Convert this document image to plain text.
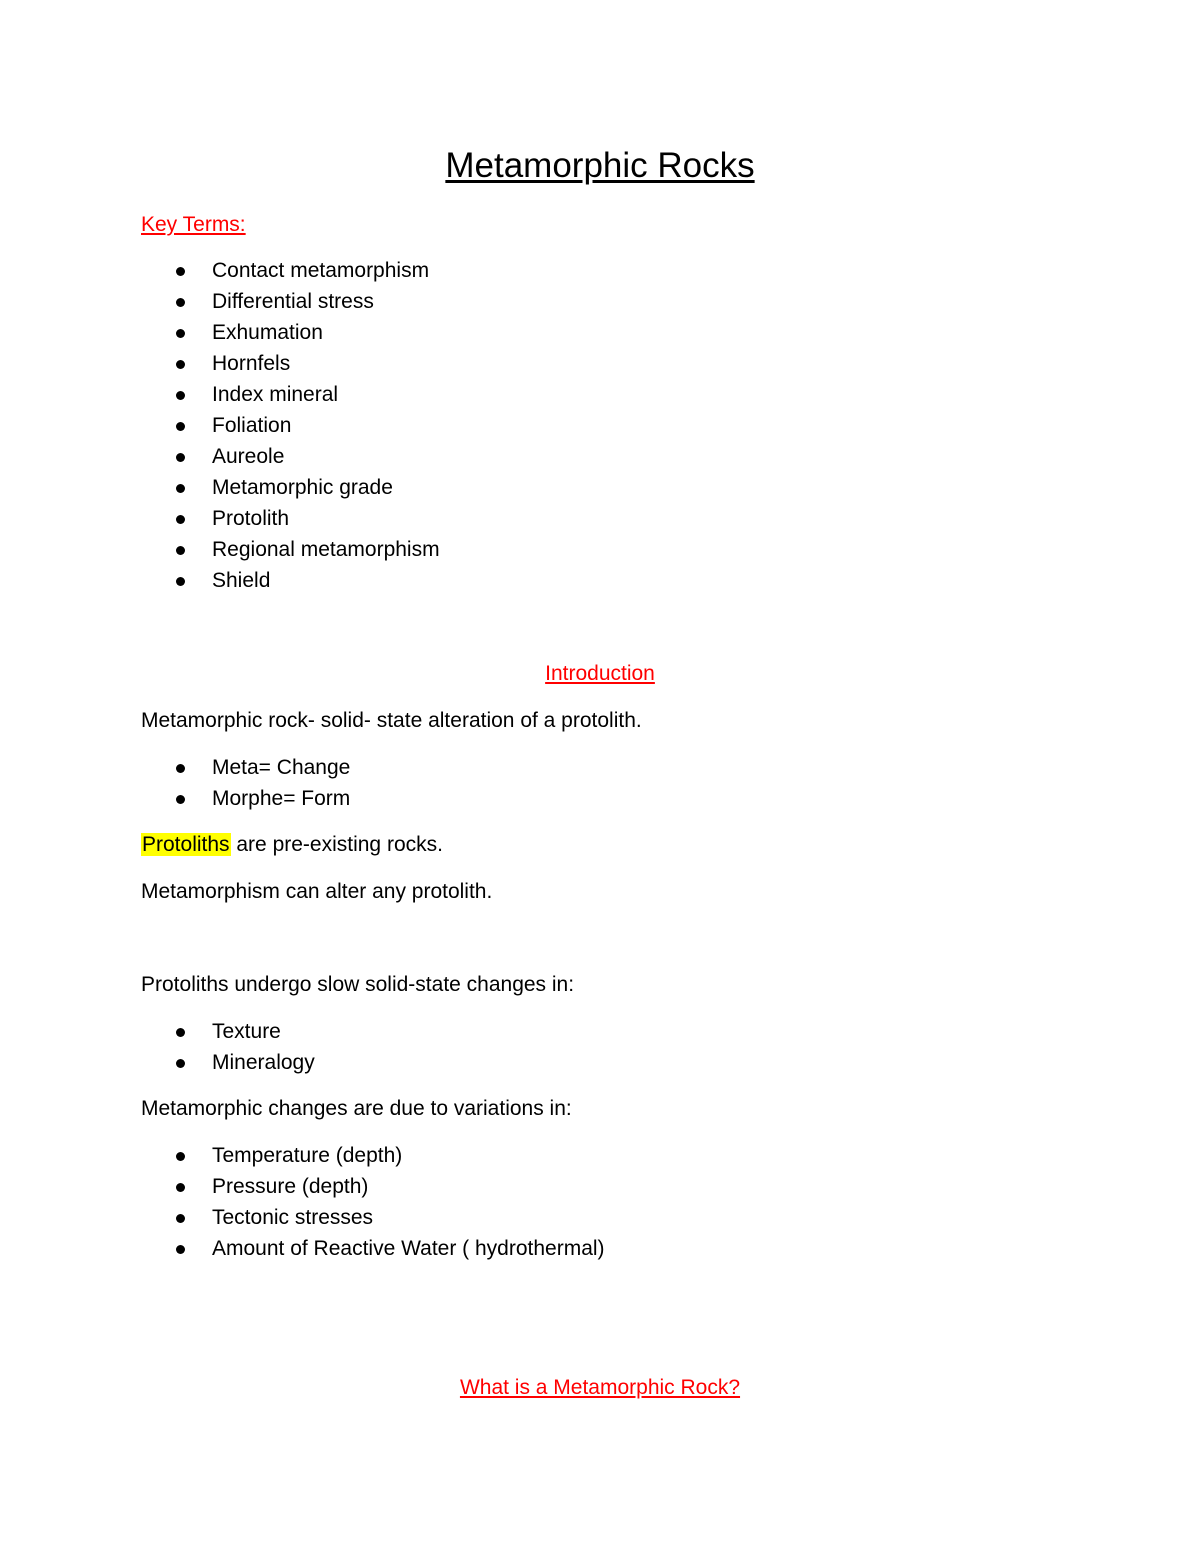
Metamorphic Rocks
Key Terms:
Contact metamorphism
Differential stress
Exhumation
Hornfels
Index mineral
Foliation
Aureole
Metamorphic grade
Protolith
Regional metamorphism
Shield
Introduction
Metamorphic rock- solid- state alteration of a protolith.
Meta= Change
Morphe= Form
Protoliths are pre-existing rocks.
Metamorphism can alter any protolith.
Protoliths undergo slow solid-state changes in:
Texture
Mineralogy
Metamorphic changes are due to variations in:
Temperature (depth)
Pressure (depth)
Tectonic stresses
Amount of Reactive Water ( hydrothermal)
What is a Metamorphic Rock?
